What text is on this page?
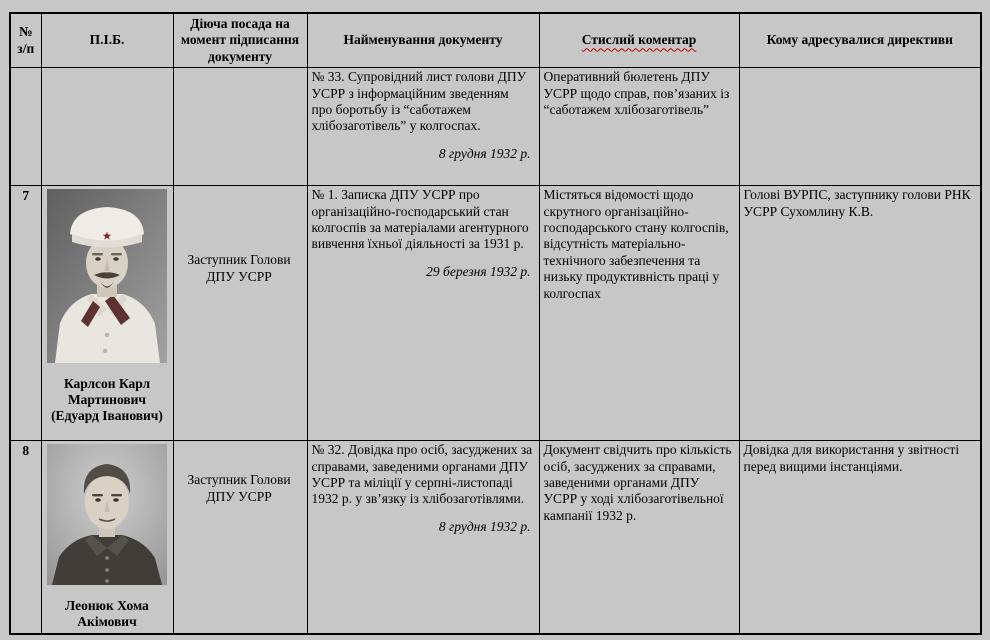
№ з/п	П.І.Б.	Діюча посада на момент підписання документу	Найменування документу	Стислий коментар	Кому адресувалися директиви

			№ 33. Супровідний лист голови ДПУ УСРР з інформаційним зведенням про боротьбу із “саботажем хлібозаготівель” у колгоспах.
8 грудня 1932 р.	Оперативний бюлетень ДПУ УСРР щодо справ, пов’язаних із “саботажем хлібозаготівель”	
7	Карлсон Карл Мартинович (Едуард Іванович)	Заступник Голови ДПУ УСРР	№ 1. Записка ДПУ УСРР про організаційно-господарський стан колгоспів за матеріалами агентурного вивчення їхньої діяльності за 1931 р.
29 березня 1932 р.	Містяться відомості щодо скрутного організаційно-господарського стану колгоспів, відсутність матеріально-технічного забезпечення та низьку продуктивність праці у колгоспах	Голові ВУРПС, заступнику голови РНК УСРР Сухомлину К.В.
8	Леонюк Хома Акімович	Заступник Голови ДПУ УСРР	№ 32. Довідка про осіб, засуджених за справами, заведеними органами ДПУ УСРР та міліції у серпні-листопаді 1932 р. у зв’язку із хлібозаготівлями.
8 грудня 1932 р.	Документ свідчить про кількість осіб, засуджених за справами, заведеними органами ДПУ УСРР у ході хлібозаготівельної кампанії 1932 р.	Довідка для використання у звітності перед вищими інстанціями.
